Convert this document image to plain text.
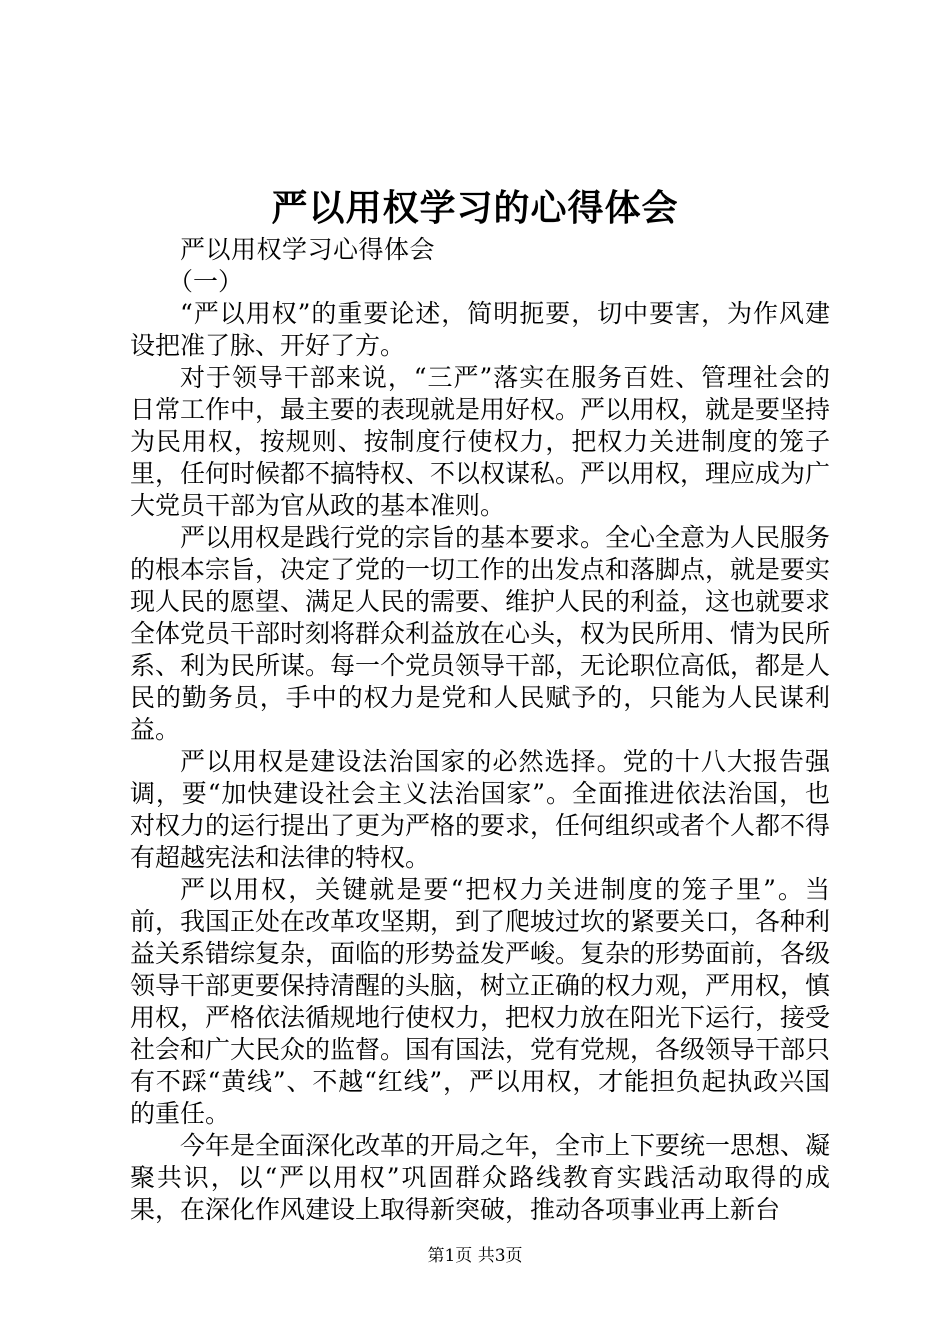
严以用权学习的心得体会

严以用权学习心得体会

（一）

“严以用权”的重要论述，简明扼要，切中要害，为作风建设把准了脉、开好了方。

对于领导干部来说，“三严”落实在服务百姓、管理社会的日常工作中，最主要的表现就是用好权。严以用权，就是要坚持为民用权，按规则、按制度行使权力，把权力关进制度的笼子里，任何时候都不搞特权、不以权谋私。严以用权，理应成为广大党员干部为官从政的基本准则。

严以用权是践行党的宗旨的基本要求。全心全意为人民服务的根本宗旨，决定了党的一切工作的出发点和落脚点，就是要实现人民的愿望、满足人民的需要、维护人民的利益，这也就要求全体党员干部时刻将群众利益放在心头，权为民所用、情为民所系、利为民所谋。每一个党员领导干部，无论职位高低，都是人民的勤务员，手中的权力是党和人民赋予的，只能为人民谋利益。

严以用权是建设法治国家的必然选择。党的十八大报告强调，要“加快建设社会主义法治国家”。全面推进依法治国，也对权力的运行提出了更为严格的要求，任何组织或者个人都不得有超越宪法和法律的特权。

严以用权，关键就是要“把权力关进制度的笼子里”。当前，我国正处在改革攻坚期，到了爬坡过坎的紧要关口，各种利益关系错综复杂，面临的形势益发严峻。复杂的形势面前，各级领导干部更要保持清醒的头脑，树立正确的权力观，严用权，慎用权，严格依法循规地行使权力，把权力放在阳光下运行，接受社会和广大民众的监督。国有国法，党有党规，各级领导干部只有不踩“黄线”、不越“红线”，严以用权，才能担负起执政兴国的重任。

今年是全面深化改革的开局之年，全市上下要统一思想、凝聚共识，以“严以用权”巩固群众路线教育实践活动取得的成果，在深化作风建设上取得新突破，推动各项事业再上新台

第1页 共3页
